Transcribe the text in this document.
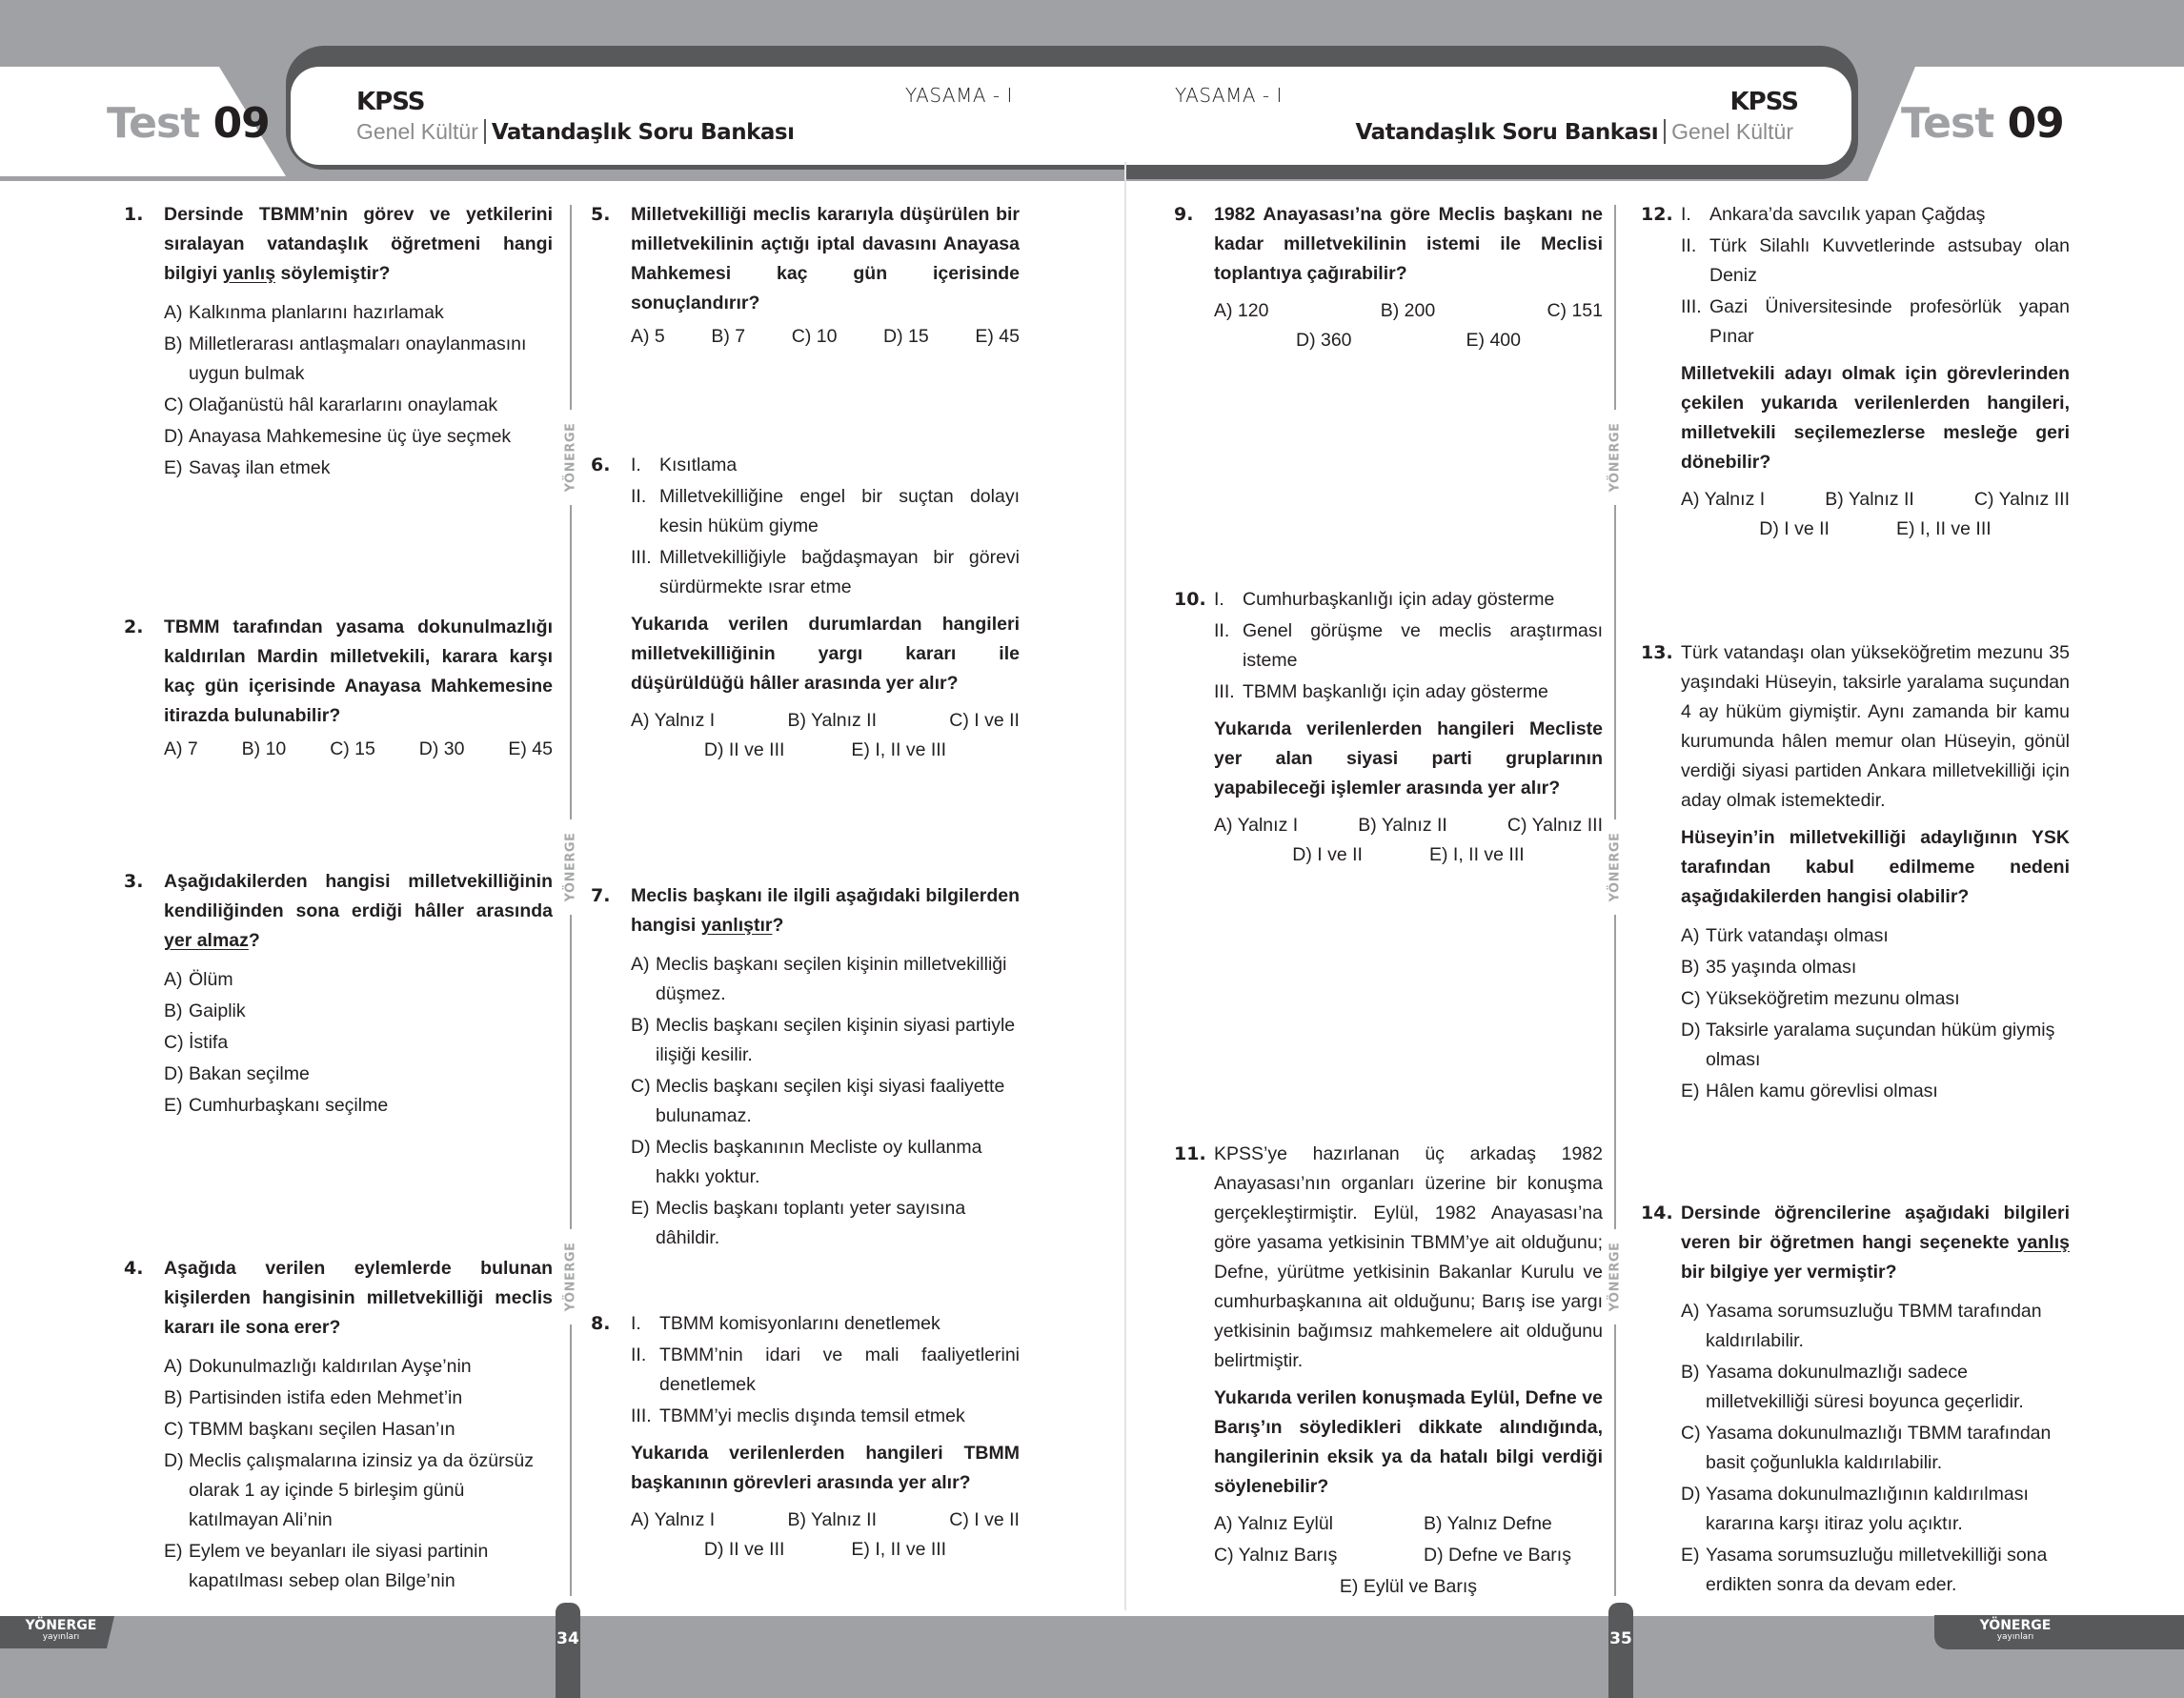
Test 09	KPSS
Genel Kültür Vatandaşlık Soru Bankası
YASAMA - I	YASAMA - I	KPSS
Vatandaşlık Soru Bankası Genel Kültür	Test 09
YÖNERGE
YÖNERGE
YÖNERGE
YÖNERGE
YÖNERGE
YÖNERGE
1. Dersinde TBMM’nin görev ve yetkilerini sıralayan vatandaşlık öğretmeni hangi bilgiyi yanlış söylemiştir?
A) Kalkınma planlarını hazırlamak
B) Milletlerarası antlaşmaları onaylanmasını uygun bulmak
C) Olağanüstü hâl kararlarını onaylamak
D) Anayasa Mahkemesine üç üye seçmek
E) Savaş ilan etmek
2. TBMM tarafından yasama dokunulmazlığı kaldırılan Mardin milletvekili, karara karşı kaç gün içerisinde Anayasa Mahkemesine itirazda bulunabilir?
A) 7 B) 10 C) 15 D) 30 E) 45
3. Aşağıdakilerden hangisi milletvekilliğinin kendiliğinden sona erdiği hâller arasında yer almaz?
A) Ölüm
B) Gaiplik
C) İstifa
D) Bakan seçilme
E) Cumhurbaşkanı seçilme
4. Aşağıda verilen eylemlerde bulunan kişilerden hangisinin milletvekilliği meclis kararı ile sona erer?
A) Dokunulmazlığı kaldırılan Ayşe’nin
B) Partisinden istifa eden Mehmet’in
C) TBMM başkanı seçilen Hasan’ın
D) Meclis çalışmalarına izinsiz ya da özürsüz olarak 1 ay içinde 5 birleşim günü katılmayan Ali’nin
E) Eylem ve beyanları ile siyasi partinin kapatılması sebep olan Bilge’nin
5. Milletvekilliği meclis kararıyla düşürülen bir milletvekilinin açtığı iptal davasını Anayasa Mahkemesi kaç gün içerisinde sonuçlandırır?
A) 5 B) 7 C) 10 D) 15 E) 45
6. I. Kısıtlama
II. Milletvekilliğine engel bir suçtan dolayı kesin hüküm giyme
III. Milletvekilliğiyle bağdaşmayan bir görevi sürdürmekte ısrar etme
Yukarıda verilen durumlardan hangileri milletvekilliğinin yargı kararı ile düşürüldüğü hâller arasında yer alır?
A) Yalnız I	B) Yalnız II	C) I ve II
D) II ve III	E) I, II ve III
7. Meclis başkanı ile ilgili aşağıdaki bilgilerden hangisi yanlıştır?
A) Meclis başkanı seçilen kişinin milletvekilliği düşmez.
B) Meclis başkanı seçilen kişinin siyasi partiyle ilişiği kesilir.
C) Meclis başkanı seçilen kişi siyasi faaliyette bulunamaz.
D) Meclis başkanının Mecliste oy kullanma hakkı yoktur.
E) Meclis başkanı toplantı yeter sayısına dâhildir.
8. I. TBMM komisyonlarını denetlemek
II. TBMM’nin idari ve mali faaliyetlerini denetlemek
III. TBMM’yi meclis dışında temsil etmek
Yukarıda verilenlerden hangileri TBMM başkanının görevleri arasında yer alır?
A) Yalnız I	B) Yalnız II	C) I ve II
D) II ve III	E) I, II ve III
9. 1982 Anayasası’na göre Meclis başkanı ne kadar milletvekilinin istemi ile Meclisi toplantıya çağırabilir?
A) 120	B) 200	C) 151
D) 360	E) 400
10. I. Cumhurbaşkanlığı için aday gösterme
II. Genel görüşme ve meclis araştırması isteme
III. TBMM başkanlığı için aday gösterme
Yukarıda verilenlerden hangileri Mecliste yer alan siyasi parti gruplarının yapabileceği işlemler arasında yer alır?
A) Yalnız I	B) Yalnız II	C) Yalnız III
D) I ve II	E) I, II ve III
11. KPSS’ye hazırlanan üç arkadaş 1982 Anayasası’nın organları üzerine bir konuşma gerçekleştirmiştir. Eylül, 1982 Anayasası’na göre yasama yetkisinin TBMM’ye ait olduğunu; Defne, yürütme yetkisinin Bakanlar Kurulu ve cumhurbaşkanına ait olduğunu; Barış ise yargı yetkisinin bağımsız mahkemelere ait olduğunu belirtmiştir.
Yukarıda verilen konuşmada Eylül, Defne ve Barış’ın söyledikleri dikkate alındığında, hangilerinin eksik ya da hatalı bilgi verdiği söylenebilir?
A) Yalnız Eylül	B) Yalnız Defne
C) Yalnız Barış	D) Defne ve Barış
E) Eylül ve Barış
12. I. Ankara’da savcılık yapan Çağdaş
II. Türk Silahlı Kuvvetlerinde astsubay olan Deniz
III. Gazi Üniversitesinde profesörlük yapan Pınar
Milletvekili adayı olmak için görevlerinden çekilen yukarıda verilenlerden hangileri, milletvekili seçilemezlerse mesleğe geri dönebilir?
A) Yalnız I	B) Yalnız II	C) Yalnız III
D) I ve II	E) I, II ve III
13. Türk vatandaşı olan yükseköğretim mezunu 35 yaşındaki Hüseyin, taksirle yaralama suçundan 4 ay hüküm giymiştir. Aynı zamanda bir kamu kurumunda hâlen memur olan Hüseyin, gönül verdiği siyasi partiden Ankara milletvekilliği için aday olmak istemektedir.
Hüseyin’in milletvekilliği adaylığının YSK tarafından kabul edilmeme nedeni aşağıdakilerden hangisi olabilir?
A) Türk vatandaşı olması
B) 35 yaşında olması
C) Yükseköğretim mezunu olması
D) Taksirle yaralama suçundan hüküm giymiş olması
E) Hâlen kamu görevlisi olması
14. Dersinde öğrencilerine aşağıdaki bilgileri veren bir öğretmen hangi seçenekte yanlış bir bilgiye yer vermiştir?
A) Yasama sorumsuzluğu TBMM tarafından kaldırılabilir.
B) Yasama dokunulmazlığı sadece milletvekilliği süresi boyunca geçerlidir.
C) Yasama dokunulmazlığı TBMM tarafından basit çoğunlukla kaldırılabilir.
D) Yasama dokunulmazlığının kaldırılması kararına karşı itiraz yolu açıktır.
E) Yasama sorumsuzluğu milletvekilliği sona erdikten sonra da devam eder.
YÖNERGE
yayınları
YÖNERGE
yayınları
34	35
